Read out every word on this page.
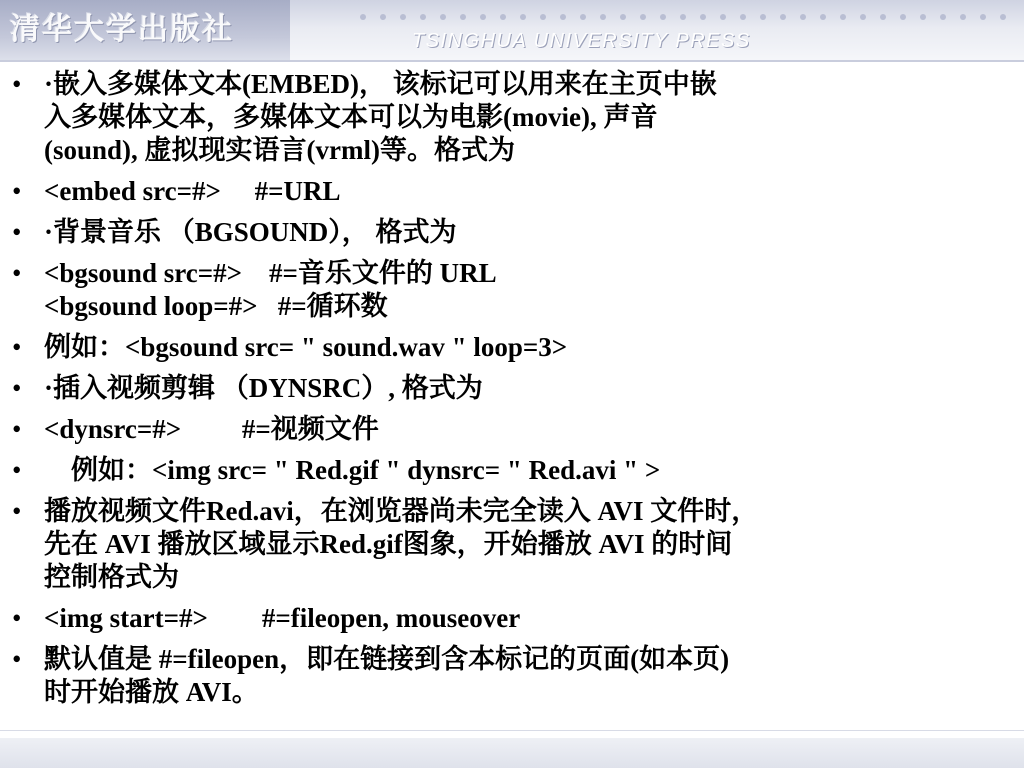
清华大学出版社	TSINGHUA UNIVERSITY PRESS
• ·嵌入多媒体文本(EMBED)， 该标记可以用来在主页中嵌
入多媒体文本，多媒体文本可以为电影(movie), 声音
(sound), 虚拟现实语言(vrml)等。格式为
• <embed src=#>     #=URL
• ·背景音乐 （BGSOUND）， 格式为
• <bgsound src=#>    #=音乐文件的 URL
<bgsound loop=#>   #=循环数
• 例如：<bgsound src= " sound.wav " loop=3>
• ·插入视频剪辑 （DYNSRC）, 格式为
• <dynsrc=#>         #=视频文件
• 例如：<img src= " Red.gif " dynsrc= " Red.avi " >
• 播放视频文件Red.avi，在浏览器尚未完全读入 AVI 文件时，
先在 AVI 播放区域显示Red.gif图象，开始播放 AVI 的时间
控制格式为
• <img start=#>        #=fileopen, mouseover
• 默认值是 #=fileopen，即在链接到含本标记的页面(如本页)
时开始播放 AVI。
